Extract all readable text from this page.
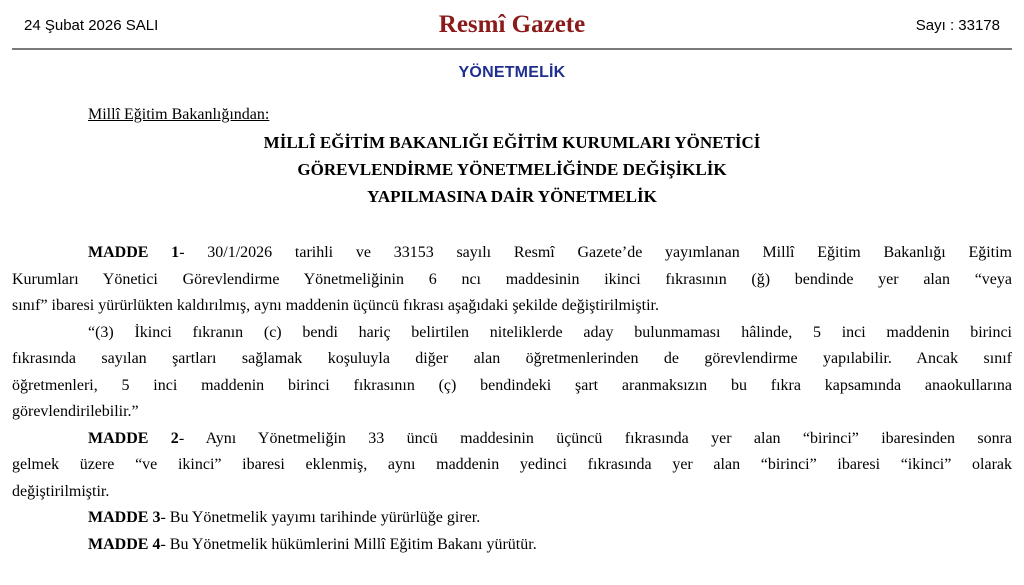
24 Şubat 2026 SALI	Resmî Gazete	Sayı : 33178
YÖNETMELİK
Millî Eğitim Bakanlığından:
MİLLÎ EĞİTİM BAKANLIĞI EĞİTİM KURUMLARI YÖNETİCİ
GÖREVLENDİRME YÖNETMELİĞİNDE DEĞİŞİKLİK
YAPILMASINA DAİR YÖNETMELİK
MADDE 1- 30/1/2026 tarihli ve 33153 sayılı Resmî Gazete’de yayımlanan Millî Eğitim Bakanlığı Eğitim
Kurumları Yönetici Görevlendirme Yönetmeliğinin 6 ncı maddesinin ikinci fıkrasının (ğ) bendinde yer alan “veya
sınıf” ibaresi yürürlükten kaldırılmış, aynı maddenin üçüncü fıkrası aşağıdaki şekilde değiştirilmiştir.
“(3) İkinci fıkranın (c) bendi hariç belirtilen niteliklerde aday bulunmaması hâlinde, 5 inci maddenin birinci
fıkrasında sayılan şartları sağlamak koşuluyla diğer alan öğretmenlerinden de görevlendirme yapılabilir. Ancak sınıf
öğretmenleri, 5 inci maddenin birinci fıkrasının (ç) bendindeki şart aranmaksızın bu fıkra kapsamında anaokullarına
görevlendirilebilir.”
MADDE 2- Aynı Yönetmeliğin 33 üncü maddesinin üçüncü fıkrasında yer alan “birinci” ibaresinden sonra
gelmek üzere “ve ikinci” ibaresi eklenmiş, aynı maddenin yedinci fıkrasında yer alan “birinci” ibaresi “ikinci” olarak
değiştirilmiştir.
MADDE 3- Bu Yönetmelik yayımı tarihinde yürürlüğe girer.
MADDE 4- Bu Yönetmelik hükümlerini Millî Eğitim Bakanı yürütür.
